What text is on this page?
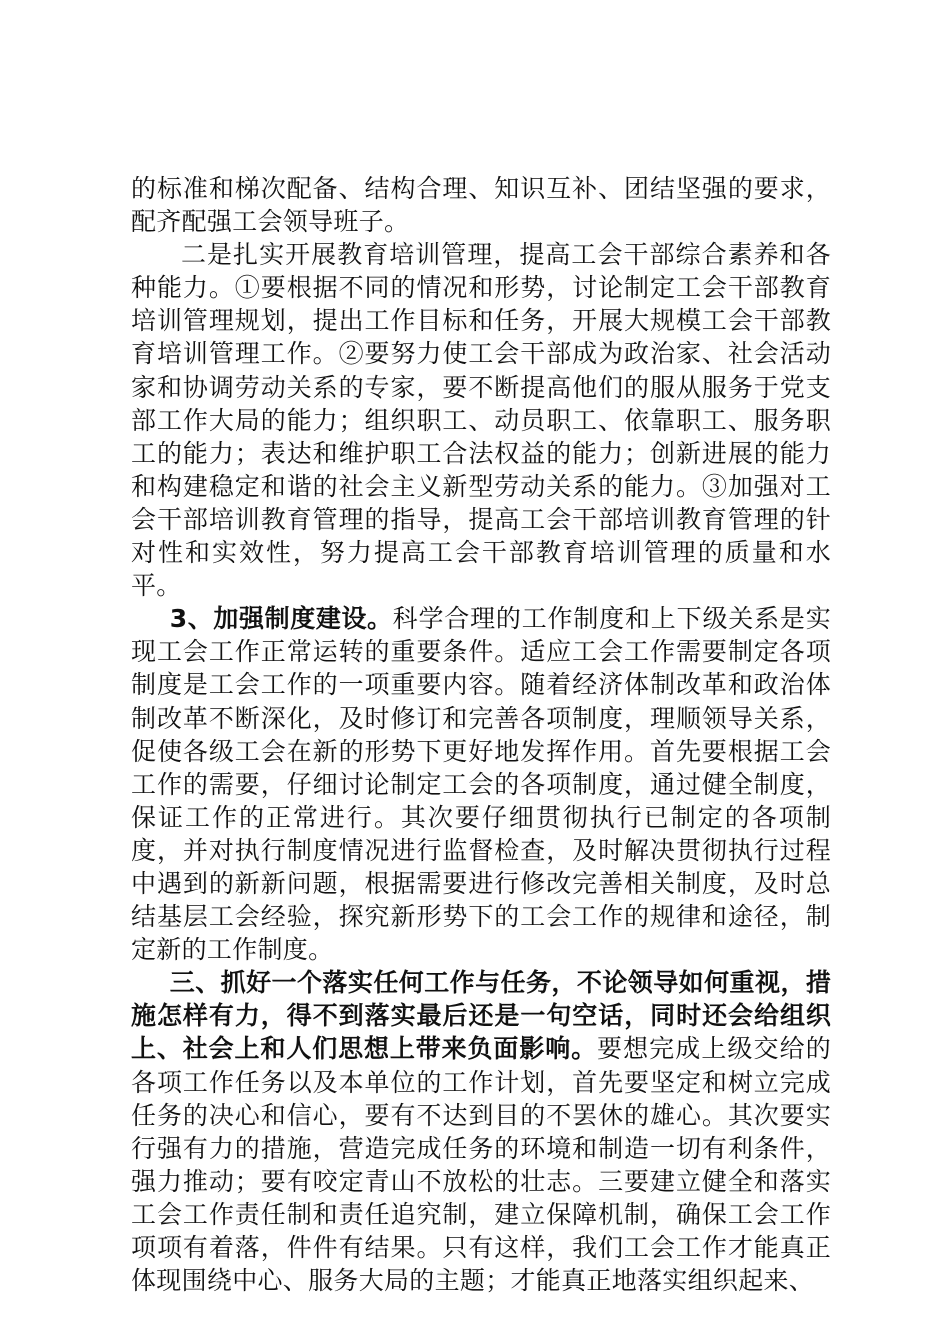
的标准和梯次配备、结构合理、知识互补、团结坚强的要求，配齐配强工会领导班子。

二是扎实开展教育培训管理，提高工会干部综合素养和各种能力。①要根据不同的情况和形势，讨论制定工会干部教育培训管理规划，提出工作目标和任务，开展大规模工会干部教育培训管理工作。②要努力使工会干部成为政治家、社会活动家和协调劳动关系的专家，要不断提高他们的服从服务于党支部工作大局的能力；组织职工、动员职工、依靠职工、服务职工的能力；表达和维护职工合法权益的能力；创新进展的能力和构建稳定和谐的社会主义新型劳动关系的能力。③加强对工会干部培训教育管理的指导，提高工会干部培训教育管理的针对性和实效性，努力提高工会干部教育培训管理的质量和水平。

3、加强制度建设。科学合理的工作制度和上下级关系是实现工会工作正常运转的重要条件。适应工会工作需要制定各项制度是工会工作的一项重要内容。随着经济体制改革和政治体制改革不断深化，及时修订和完善各项制度，理顺领导关系，促使各级工会在新的形势下更好地发挥作用。首先要根据工会工作的需要，仔细讨论制定工会的各项制度，通过健全制度，保证工作的正常进行。其次要仔细贯彻执行已制定的各项制度，并对执行制度情况进行监督检查，及时解决贯彻执行过程中遇到的新新问题，根据需要进行修改完善相关制度，及时总结基层工会经验，探究新形势下的工会工作的规律和途径，制定新的工作制度。

三、抓好一个落实任何工作与任务，不论领导如何重视，措施怎样有力，得不到落实最后还是一句空话，同时还会给组织上、社会上和人们思想上带来负面影响。要想完成上级交给的各项工作任务以及本单位的工作计划，首先要坚定和树立完成任务的决心和信心，要有不达到目的不罢休的雄心。其次要实行强有力的措施，营造完成任务的环境和制造一切有利条件，强力推动；要有咬定青山不放松的壮志。三要建立健全和落实工会工作责任制和责任追究制，建立保障机制，确保工会工作项项有着落，件件有结果。只有这样，我们工会工作才能真正体现围绕中心、服务大局的主题；才能真正地落实组织起来、
